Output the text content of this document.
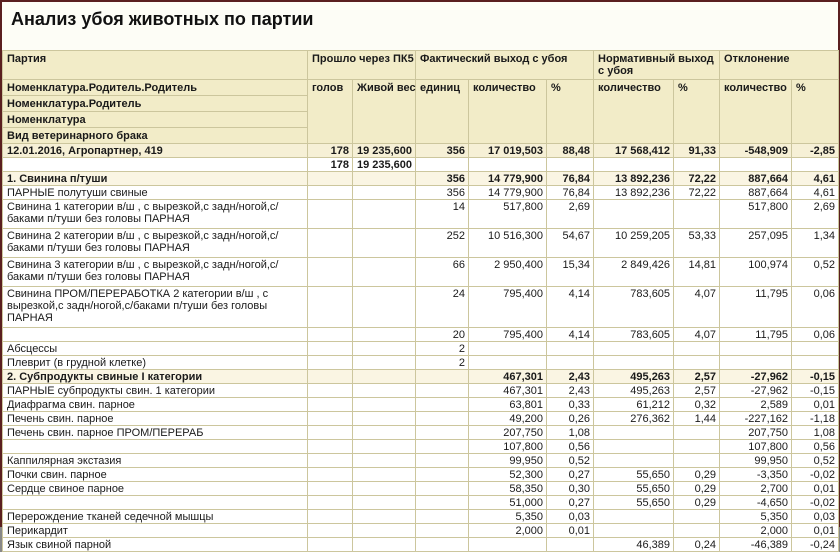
Анализ убоя животных по партии
Партия	Прошло через ПК5		Фактический выход с убоя			Нормативный выход с убоя		Отклонение	
Номенклатура.Родитель.Родитель	голов	Живой вес	единиц	количество	%	количество	%	количество	%
Номенклатура.Родитель									
Номенклатура									
Вид ветеринарного брака									
12.01.2016, Агропартнер, 419	178	19 235,600	356	17 019,503	88,48	17 568,412	91,33	-548,909	-2,85
	178	19 235,600							
1. Свинина п/туши			356	14 779,900	76,84	13 892,236	72,22	887,664	4,61
ПАРНЫЕ полутуши свиные			356	14 779,900	76,84	13 892,236	72,22	887,664	4,61
Свинина 1 категории в/ш , с вырезкой,с задн/ногой,с/баками п/туши без головы ПАРНАЯ			14	517,800	2,69			517,800	2,69
Свинина 2 категории в/ш , с вырезкой,с задн/ногой,с/баками п/туши без головы ПАРНАЯ			252	10 516,300	54,67	10 259,205	53,33	257,095	1,34
Свинина 3 категории в/ш , с вырезкой,с задн/ногой,с/баками п/туши без головы ПАРНАЯ			66	2 950,400	15,34	2 849,426	14,81	100,974	0,52
Свинина ПРОМ/ПЕРЕРАБОТКА 2 категории в/ш , с вырезкой,с задн/ногой,с/баками п/туши без головы ПАРНАЯ			24	795,400	4,14	783,605	4,07	11,795	0,06
			20	795,400	4,14	783,605	4,07	11,795	0,06
Абсцессы			2						
Плеврит (в грудной клетке)			2						
2. Субпродукты свиные I категории				467,301	2,43	495,263	2,57	-27,962	-0,15
ПАРНЫЕ субпродукты свин. 1 категории				467,301	2,43	495,263	2,57	-27,962	-0,15
Диафрагма свин. парное				63,801	0,33	61,212	0,32	2,589	0,01
Печень свин. парное				49,200	0,26	276,362	1,44	-227,162	-1,18
Печень свин. парное ПРОМ/ПЕРЕРАБ				207,750	1,08			207,750	1,08
				107,800	0,56			107,800	0,56
Каппилярная экстазия				99,950	0,52			99,950	0,52
Почки свин. парное				52,300	0,27	55,650	0,29	-3,350	-0,02
Сердце свиное парное				58,350	0,30	55,650	0,29	2,700	0,01
				51,000	0,27	55,650	0,29	-4,650	-0,02
Перерождение тканей седечной мышцы				5,350	0,03			5,350	0,03
Перикардит				2,000	0,01			2,000	0,01
Язык свиной парной						46,389	0,24	-46,389	-0,24
